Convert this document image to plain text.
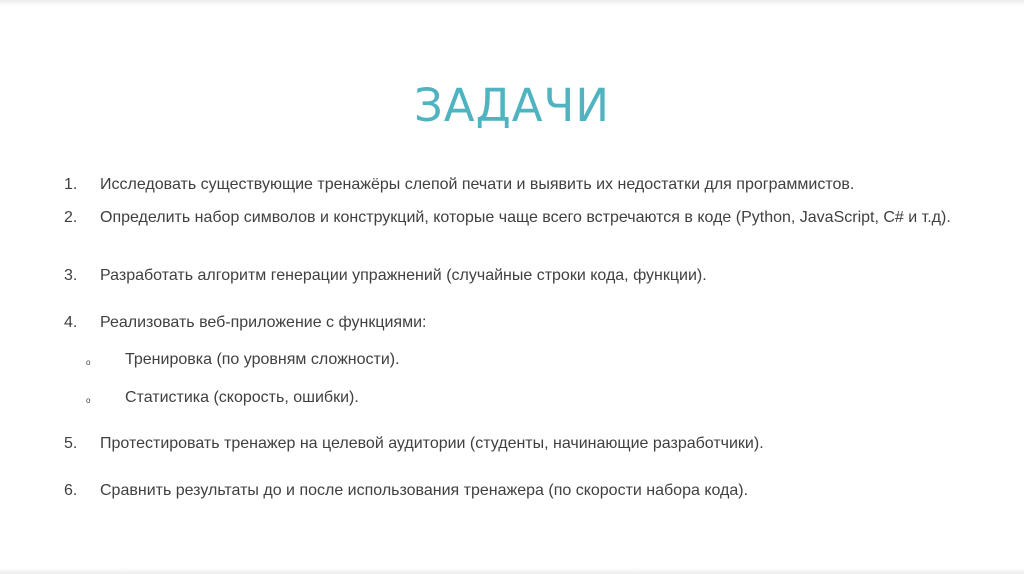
ЗАДАЧИ
1. Исследовать существующие тренажёры слепой печати и выявить их недостатки для программистов.
2.	Определить набор символов и конструкций, которые чаще всего встречаются в коде (Python, JavaScript, C# и т.д).
3. Разработать алгоритм генерации упражнений (случайные строки кода, функции).
4. Реализовать веб-приложение с функциями:
o Тренировка (по уровням сложности).
o Статистика (скорость, ошибки).
5. Протестировать тренажер на целевой аудитории (студенты, начинающие разработчики).
6. Сравнить результаты до и после использования тренажера (по скорости набора кода).
